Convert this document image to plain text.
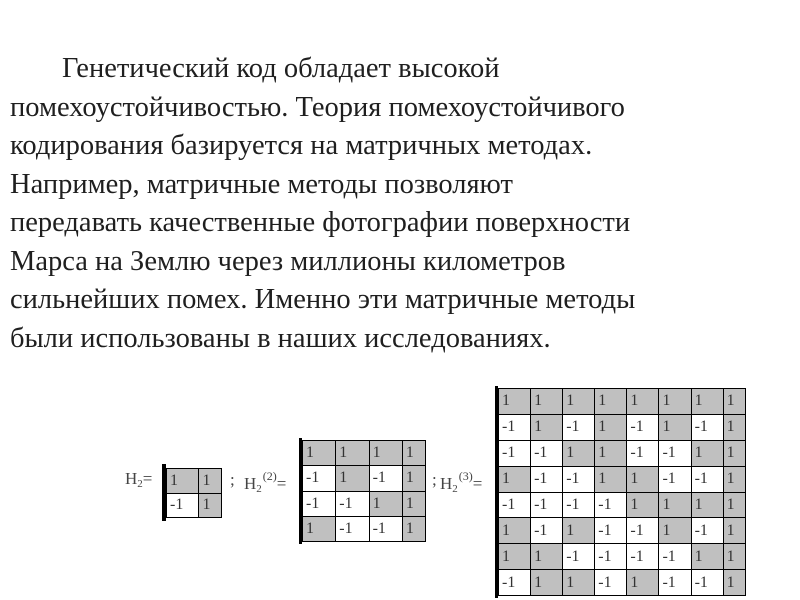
Генетический код обладает высокой
помехоустойчивостью. Теория помехоустойчивого
кодирования базируется на матричных методах.
Например, матричные методы позволяют
передавать качественные фотографии поверхности
Марса на Землю через миллионы километров
сильнейших помех. Именно эти матричные методы
были использованы в наших исследованиях.
$H_2= 1$	1
-1	1
; $H_2^{(2)}=$
1	1	1	1
-1	1	-1	1
-1	-1	1	1
1	-1	-1	1
; $H_2^{(3)}=$
1	1	1	1	1	1	1	1
-1	1	-1	1	-1	1	-1	1
-1	-1	1	1	-1	-1	1	1
1	-1	-1	1	1	-1	-1	1
-1	-1	-1	-1	1	1	1	1
1	-1	1	-1	-1	1	-1	1
1	1	-1	-1	-1	-1	1	1
-1	1	1	-1	1	-1	-1	1
